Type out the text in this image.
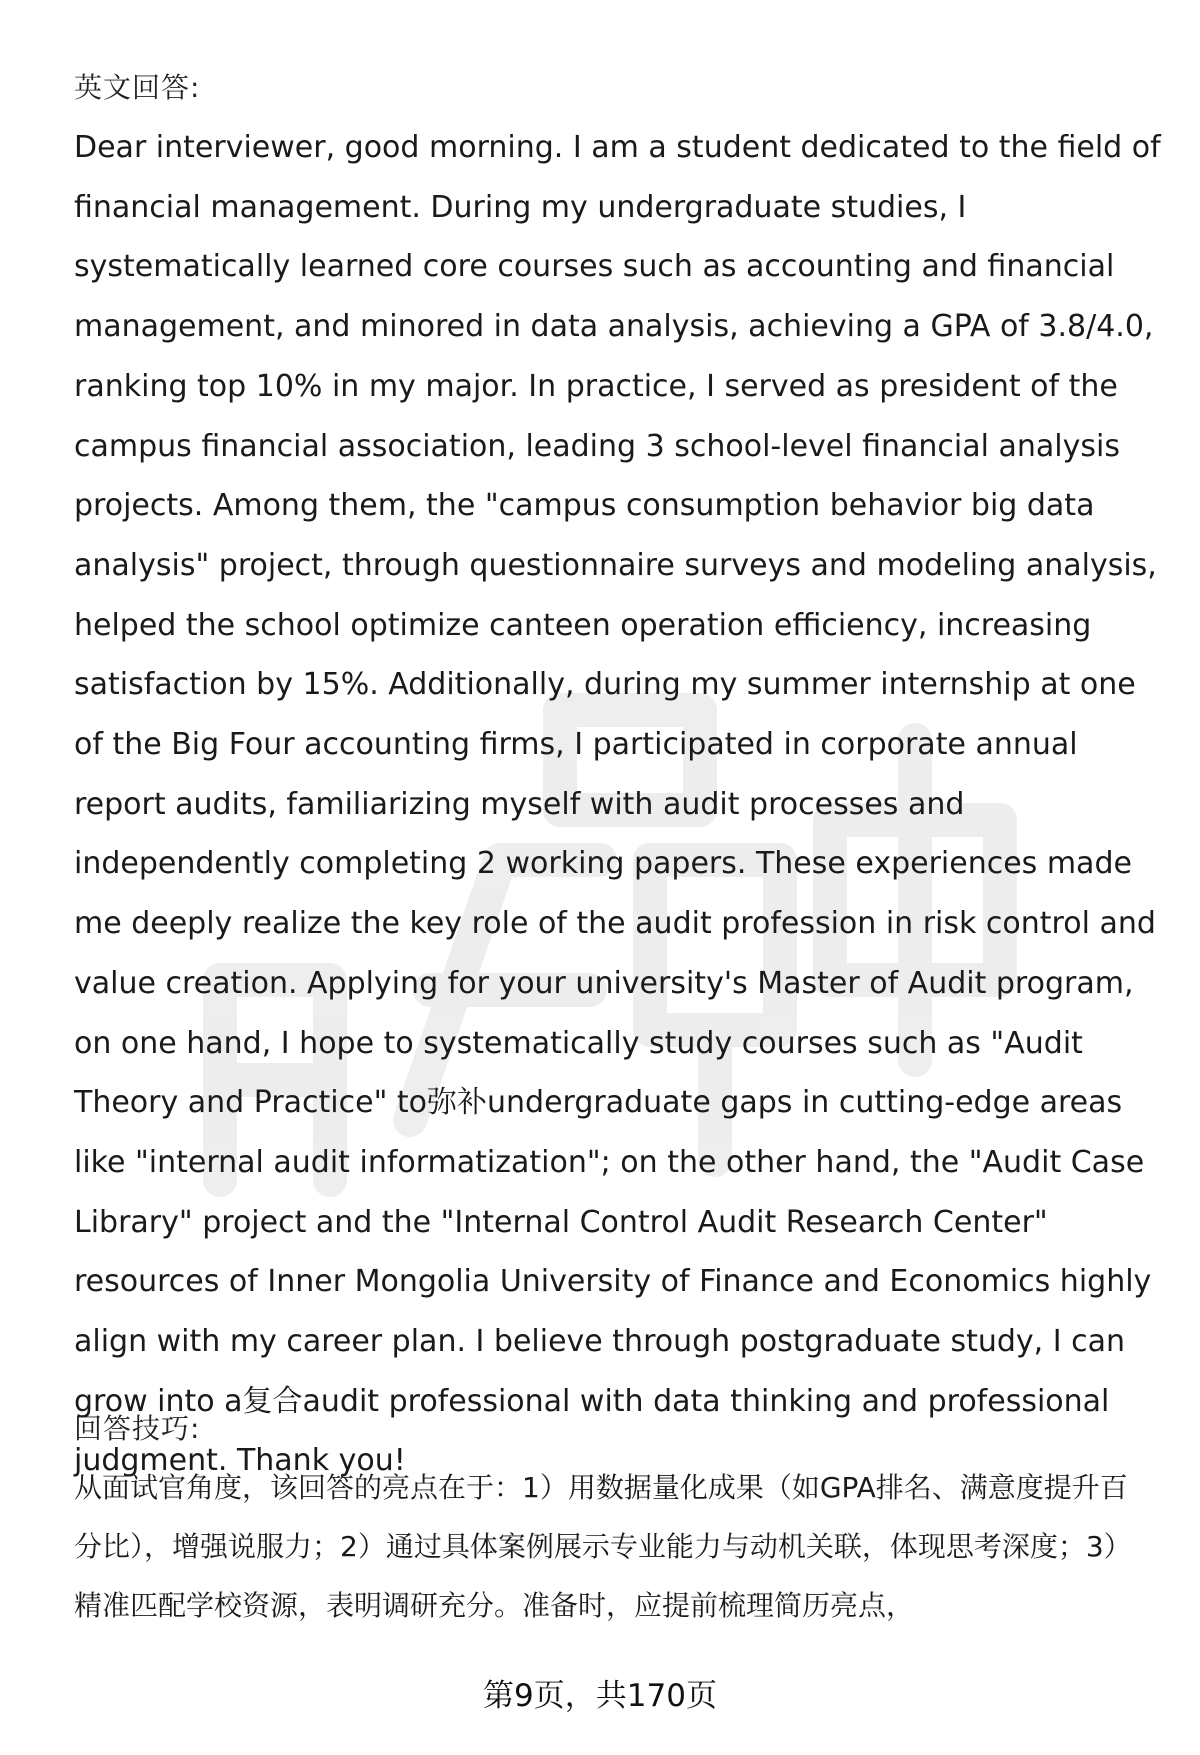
英文回答:
Dear interviewer, good morning. I am a student dedicated to the field of financial management. During my undergraduate studies, I systematically learned core courses such as accounting and financial management, and minored in data analysis, achieving a GPA of 3.8/4.0, ranking top 10% in my major. In practice, I served as president of the campus financial association, leading 3 school-level financial analysis projects. Among them, the "campus consumption behavior big data analysis" project, through questionnaire surveys and modeling analysis, helped the school optimize canteen operation efficiency, increasing satisfaction by 15%. Additionally, during my summer internship at one of the Big Four accounting firms, I participated in corporate annual report audits, familiarizing myself with audit processes and independently completing 2 working papers. These experiences made me deeply realize the key role of the audit profession in risk control and value creation. Applying for your university's Master of Audit program, on one hand, I hope to systematically study courses such as "Audit Theory and Practice" to弥补undergraduate gaps in cutting-edge areas like "internal audit informatization"; on the other hand, the "Audit Case Library" project and the "Internal Control Audit Research Center" resources of Inner Mongolia University of Finance and Economics highly align with my career plan. I believe through postgraduate study, I can grow into a复合audit professional with data thinking and professional judgment. Thank you!
回答技巧:
从面试官角度，该回答的亮点在于：1）用数据量化成果（如GPA排名、满意度提升百分比），增强说服力；2）通过具体案例展示专业能力与动机关联，体现思考深度；3）精准匹配学校资源，表明调研充分。准备时，应提前梳理简历亮点，
第9页，共170页
